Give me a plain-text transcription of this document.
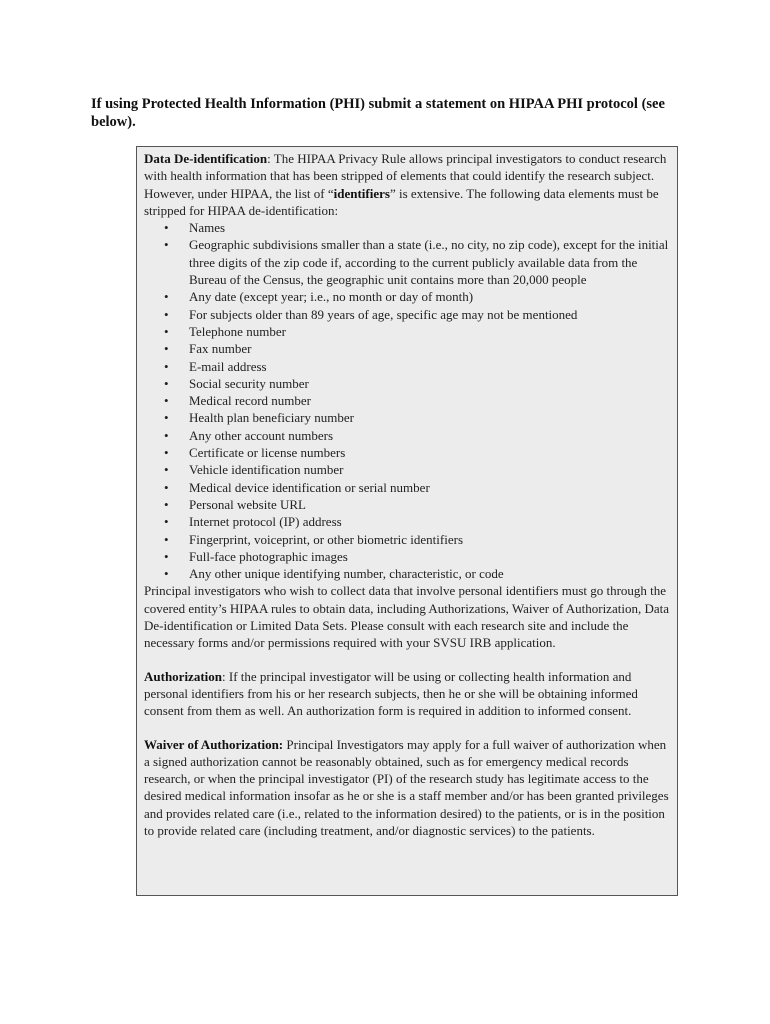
If using Protected Health Information (PHI) submit a statement on HIPAA PHI protocol (see below).

Data De-identification: The HIPAA Privacy Rule allows principal investigators to conduct research with health information that has been stripped of elements that could identify the research subject. However, under HIPAA, the list of “identifiers” is extensive. The following data elements must be stripped for HIPAA de-identification:

• Names
• Geographic subdivisions smaller than a state (i.e., no city, no zip code), except for the initial three digits of the zip code if, according to the current publicly available data from the Bureau of the Census, the geographic unit contains more than 20,000 people
• Any date (except year; i.e., no month or day of month)
• For subjects older than 89 years of age, specific age may not be mentioned
• Telephone number
• Fax number
• E-mail address
• Social security number
• Medical record number
• Health plan beneficiary number
• Any other account numbers
• Certificate or license numbers
• Vehicle identification number
• Medical device identification or serial number
• Personal website URL
• Internet protocol (IP) address
• Fingerprint, voiceprint, or other biometric identifiers
• Full-face photographic images
• Any other unique identifying number, characteristic, or code

Principal investigators who wish to collect data that involve personal identifiers must go through the covered entity’s HIPAA rules to obtain data, including Authorizations, Waiver of Authorization, Data De-identification or Limited Data Sets. Please consult with each research site and include the necessary forms and/or permissions required with your SVSU IRB application.

Authorization: If the principal investigator will be using or collecting health information and personal identifiers from his or her research subjects, then he or she will be obtaining informed consent from them as well. An authorization form is required in addition to informed consent.

Waiver of Authorization: Principal Investigators may apply for a full waiver of authorization when a signed authorization cannot be reasonably obtained, such as for emergency medical records research, or when the principal investigator (PI) of the research study has legitimate access to the desired medical information insofar as he or she is a staff member and/or has been granted privileges and provides related care (i.e., related to the information desired) to the patients, or is in the position to provide related care (including treatment, and/or diagnostic services) to the patients.
